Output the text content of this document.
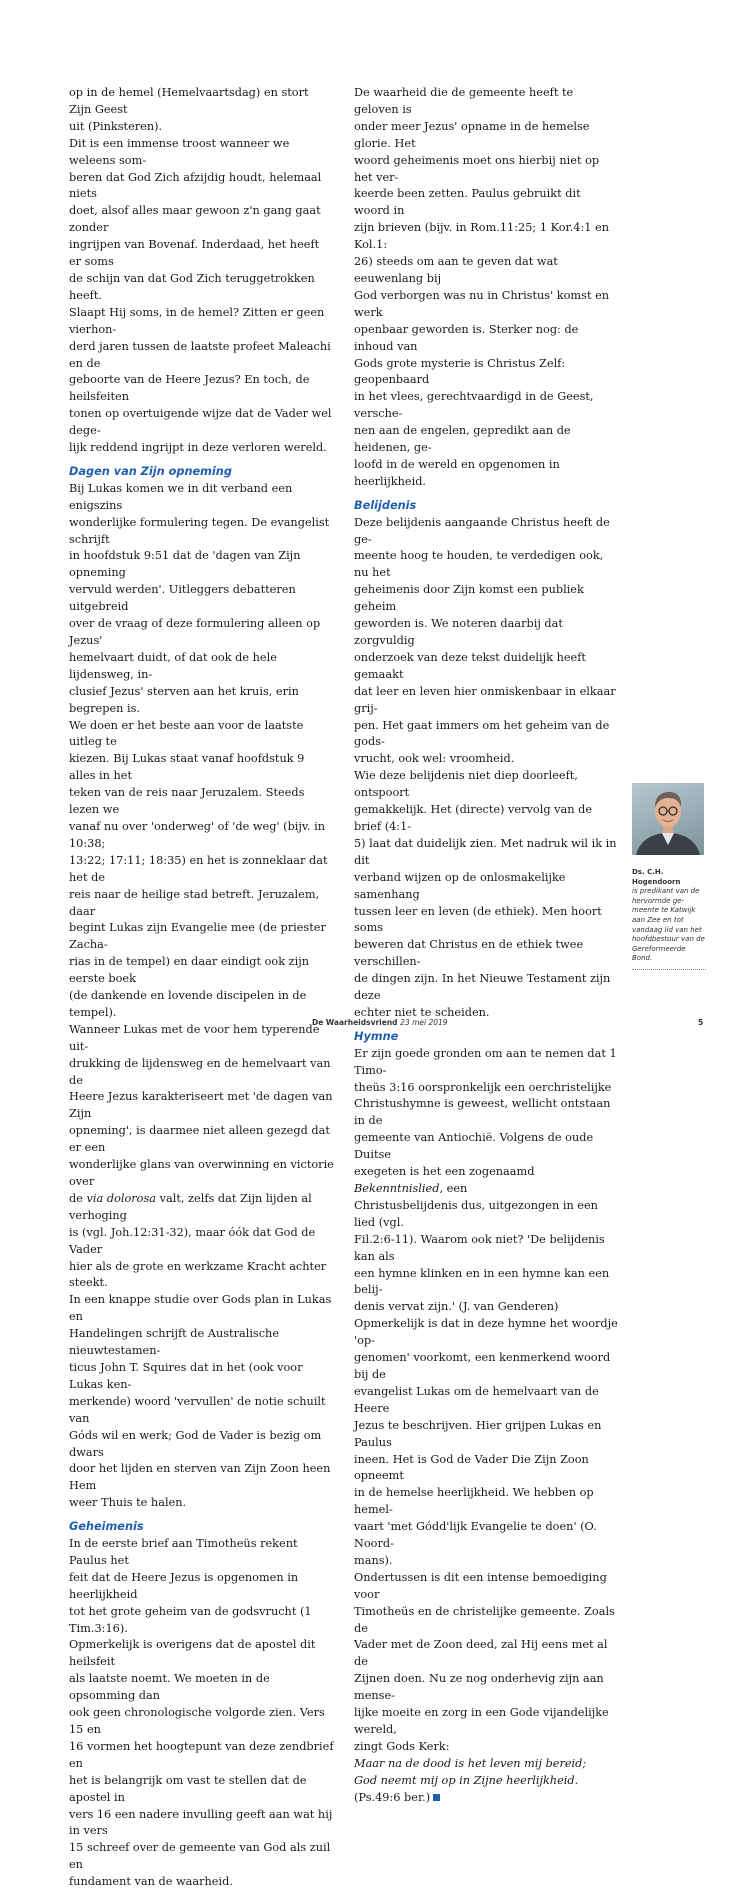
op in de hemel (Hemelvaartsdag) en stort Zijn Geest
uit (Pinksteren).
Dit is een immense troost wanneer we weleens som-
beren dat God Zich afzijdig houdt, helemaal niets
doet, alsof alles maar gewoon z'n gang gaat zonder
ingrijpen van Bovenaf. Inderdaad, het heeft er soms
de schijn van dat God Zich teruggetrokken heeft.
Slaapt Hij soms, in de hemel? Zitten er geen vierhon-
derd jaren tussen de laatste profeet Maleachi en de
geboorte van de Heere Jezus? En toch, de heilsfeiten
tonen op overtuigende wijze dat de Vader wel dege-
lijk reddend ingrijpt in deze verloren wereld.

Dagen van Zijn opneming

Bij Lukas komen we in dit verband een enigszins
wonderlijke formulering tegen. De evangelist schrijft
in hoofdstuk 9:51 dat de 'dagen van Zijn opneming
vervuld werden'. Uitleggers debatteren uitgebreid
over de vraag of deze formulering alleen op Jezus'
hemelvaart duidt, of dat ook de hele lijdensweg, in-
clusief Jezus' sterven aan het kruis, erin begrepen is.
We doen er het beste aan voor de laatste uitleg te
kiezen. Bij Lukas staat vanaf hoofdstuk 9 alles in het
teken van de reis naar Jeruzalem. Steeds lezen we
vanaf nu over 'onderweg' of 'de weg' (bijv. in 10:38;
13:22; 17:11; 18:35) en het is zonneklaar dat het de
reis naar de heilige stad betreft. Jeruzalem, daar
begint Lukas zijn Evangelie mee (de priester Zacha-
rias in de tempel) en daar eindigt ook zijn eerste boek
(de dankende en lovende discipelen in de tempel).
Wanneer Lukas met de voor hem typerende uit-
drukking de lijdensweg en de hemelvaart van de
Heere Jezus karakteriseert met 'de dagen van Zijn
opneming', is daarmee niet alleen gezegd dat er een
wonderlijke glans van overwinning en victorie over
de via dolorosa valt, zelfs dat Zijn lijden al verhoging
is (vgl. Joh.12:31-32), maar óók dat God de Vader
hier als de grote en werkzame Kracht achter steekt.
In een knappe studie over Gods plan in Lukas en
Handelingen schrijft de Australische nieuwtestamen-
ticus John T. Squires dat in het (ook voor Lukas ken-
merkende) woord 'vervullen' de notie schuilt van
Góds wil en werk; God de Vader is bezig om dwars
door het lijden en sterven van Zijn Zoon heen Hem
weer Thuis te halen.

Geheimenis

In de eerste brief aan Timotheüs rekent Paulus het
feit dat de Heere Jezus is opgenomen in heerlijkheid
tot het grote geheim van de godsvrucht (1 Tim.3:16).
Opmerkelijk is overigens dat de apostel dit heilsfeit
als laatste noemt. We moeten in de opsomming dan
ook geen chronologische volgorde zien. Vers 15 en
16 vormen het hoogtepunt van deze zendbrief en
het is belangrijk om vast te stellen dat de apostel in
vers 16 een nadere invulling geeft aan wat hij in vers
15 schreef over de gemeente van God als zuil en
fundament van de waarheid.

De waarheid die de gemeente heeft te geloven is
onder meer Jezus' opname in de hemelse glorie. Het
woord geheimenis moet ons hierbij niet op het ver-
keerde been zetten. Paulus gebruikt dit woord in
zijn brieven (bijv. in Rom.11:25; 1 Kor.4:1 en Kol.1:
26) steeds om aan te geven dat wat eeuwenlang bij
God verborgen was nu in Christus' komst en werk
openbaar geworden is. Sterker nog: de inhoud van
Gods grote mysterie is Christus Zelf: geopenbaard
in het vlees, gerechtvaardigd in de Geest, versche-
nen aan de engelen, gepredikt aan de heidenen, ge-
loofd in de wereld en opgenomen in heerlijkheid.

Belijdenis

Deze belijdenis aangaande Christus heeft de ge-
meente hoog te houden, te verdedigen ook, nu het
geheimenis door Zijn komst een publiek geheim
geworden is. We noteren daarbij dat zorgvuldig
onderzoek van deze tekst duidelijk heeft gemaakt
dat leer en leven hier onmiskenbaar in elkaar grij-
pen. Het gaat immers om het geheim van de gods-
vrucht, ook wel: vroomheid.
Wie deze belijdenis niet diep doorleeft, ontspoort
gemakkelijk. Het (directe) vervolg van de brief (4:1-
5) laat dat duidelijk zien. Met nadruk wil ik in dit
verband wijzen op de onlosmakelijke samenhang
tussen leer en leven (de ethiek). Men hoort soms
beweren dat Christus en de ethiek twee verschillen-
de dingen zijn. In het Nieuwe Testament zijn deze
echter niet te scheiden.

Hymne

Er zijn goede gronden om aan te nemen dat 1 Timo-
theüs 3:16 oorspronkelijk een oerchristelijke
Christushymne is geweest, wellicht ontstaan in de
gemeente van Antiochië. Volgens de oude Duitse
exegeten is het een zogenaamd Bekenntnislied, een
Christusbelijdenis dus, uitgezongen in een lied (vgl.
Fil.2:6-11). Waarom ook niet? 'De belijdenis kan als
een hymne klinken en in een hymne kan een belij-
denis vervat zijn.' (J. van Genderen)
Opmerkelijk is dat in deze hymne het woordje 'op-
genomen' voorkomt, een kenmerkend woord bij de
evangelist Lukas om de hemelvaart van de Heere
Jezus te beschrijven. Hier grijpen Lukas en Paulus
ineen. Het is God de Vader Die Zijn Zoon opneemt
in de hemelse heerlijkheid. We hebben op hemel-
vaart 'met Gódd'lijk Evangelie te doen' (O. Noord-
mans).
Ondertussen is dit een intense bemoediging voor
Timotheüs en de christelijke gemeente. Zoals de
Vader met de Zoon deed, zal Hij eens met al de
Zijnen doen. Nu ze nog onderhevig zijn aan mense-
lijke moeite en zorg in een Gode vijandelijke wereld,
zingt Gods Kerk:

Maar na de dood is het leven mij bereid;
God neemt mij op in Zijne heerlijkheid.

(Ps.49:6 ber.)

Ds. C.H. Hogendoorn
is predikant van de hervormde ge- meente te Katwijk aan Zee en tot vandaag lid van het hoofdbestuur van de Gereformeerde Bond.
De Waarheidsvriend 23 mei 2019	5
